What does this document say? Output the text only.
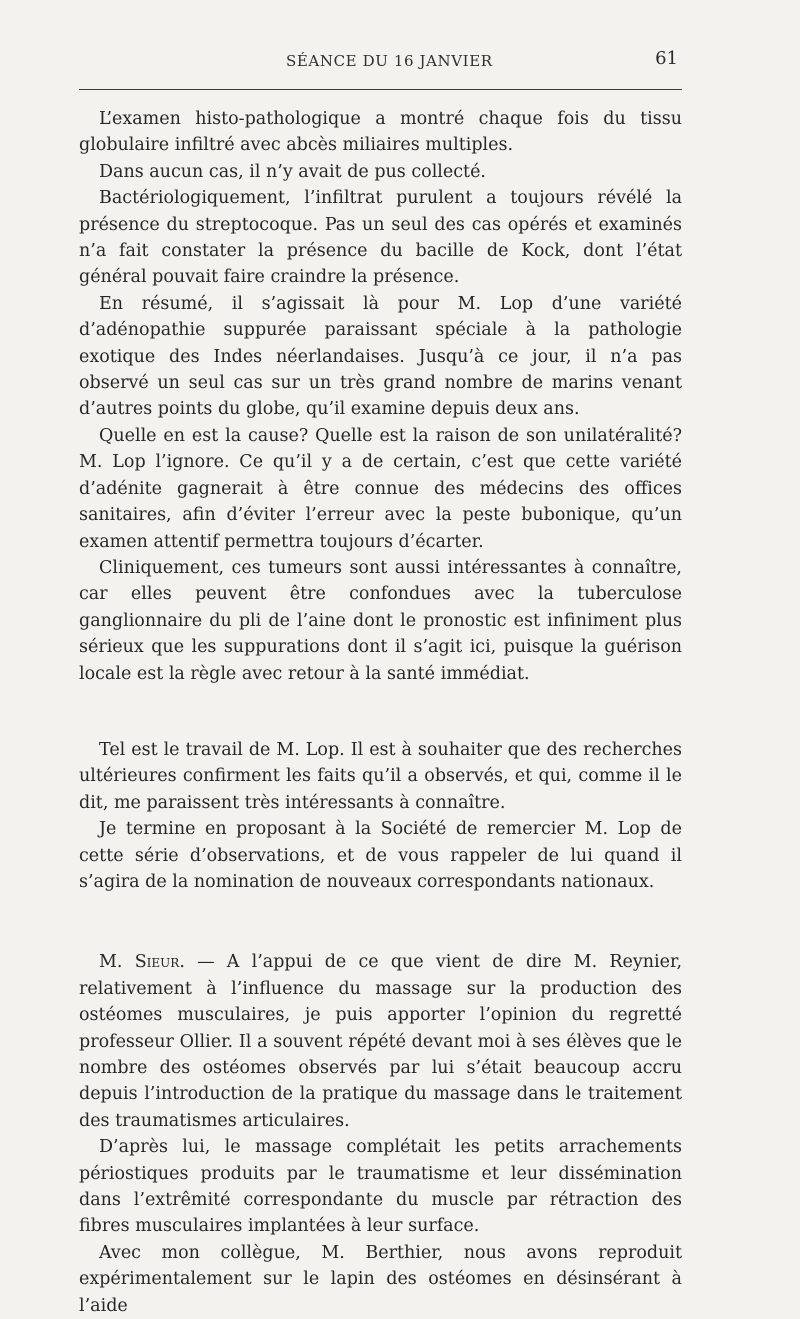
SÉANCE DU 16 JANVIER	61

L’examen histo-pathologique a montré chaque fois du tissu globulaire infiltré avec abcès miliaires multiples.

Dans aucun cas, il n’y avait de pus collecté.

Bactériologiquement, l’infiltrat purulent a toujours révélé la présence du streptocoque. Pas un seul des cas opérés et examinés n’a fait constater la présence du bacille de Kock, dont l’état général pouvait faire craindre la présence.

En résumé, il s’agissait là pour M. Lop d’une variété d’adénopathie suppurée paraissant spéciale à la pathologie exotique des Indes néerlandaises. Jusqu’à ce jour, il n’a pas observé un seul cas sur un très grand nombre de marins venant d’autres points du globe, qu’il examine depuis deux ans.

Quelle en est la cause? Quelle est la raison de son unilatéralité? M. Lop l’ignore. Ce qu’il y a de certain, c’est que cette variété d’adénite gagnerait à être connue des médecins des offices sanitaires, afin d’éviter l’erreur avec la peste bubonique, qu’un examen attentif permettra toujours d’écarter.

Cliniquement, ces tumeurs sont aussi intéressantes à connaître, car elles peuvent être confondues avec la tuberculose ganglionnaire du pli de l’aine dont le pronostic est infiniment plus sérieux que les suppurations dont il s’agit ici, puisque la guérison locale est la règle avec retour à la santé immédiat.

Tel est le travail de M. Lop. Il est à souhaiter que des recherches ultérieures confirment les faits qu’il a observés, et qui, comme il le dit, me paraissent très intéressants à connaître.

Je termine en proposant à la Société de remercier M. Lop de cette série d’observations, et de vous rappeler de lui quand il s’agira de la nomination de nouveaux correspondants nationaux.

M. Sieur. — A l’appui de ce que vient de dire M. Reynier, relativement à l’influence du massage sur la production des ostéomes musculaires, je puis apporter l’opinion du regretté professeur Ollier. Il a souvent répété devant moi à ses élèves que le nombre des ostéomes observés par lui s’était beaucoup accru depuis l’introduction de la pratique du massage dans le traitement des traumatismes articulaires.

D’après lui, le massage complétait les petits arrachements périostiques produits par le traumatisme et leur dissémination dans l’extrêmité correspondante du muscle par rétraction des fibres musculaires implantées à leur surface.

Avec mon collègue, M. Berthier, nous avons reproduit expérimentalement sur le lapin des ostéomes en désinsérant à l’aide
